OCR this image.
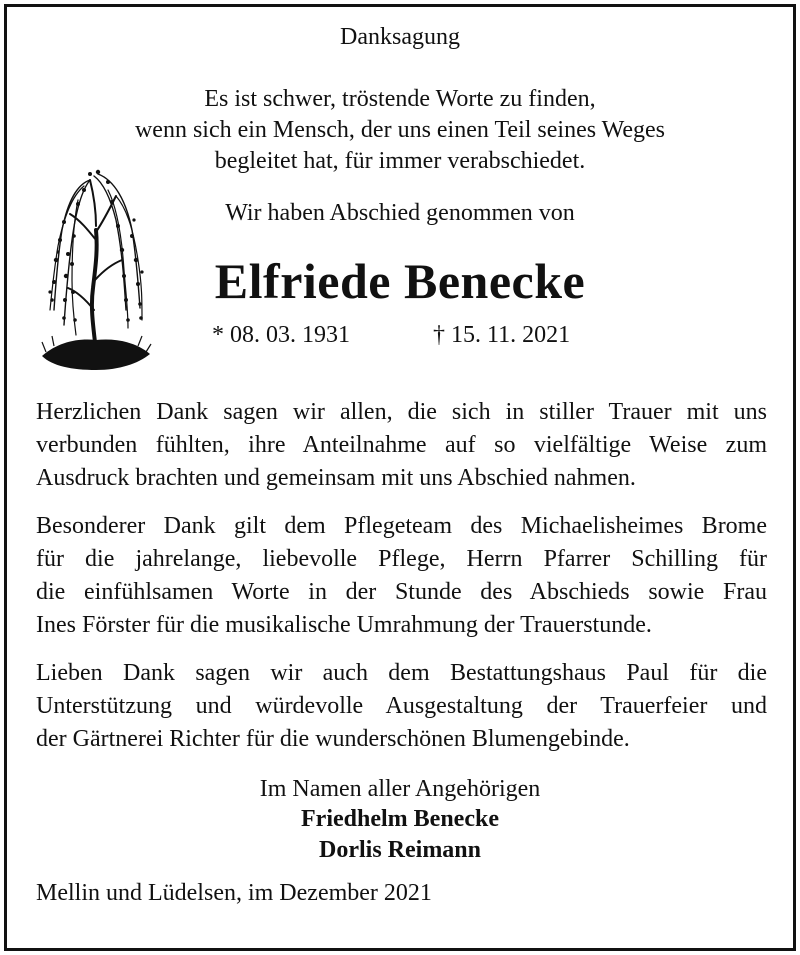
Danksagung
Es ist schwer, tröstende Worte zu finden,
wenn sich ein Mensch, der uns einen Teil seines Weges
begleitet hat, für immer verabschiedet.
Wir haben Abschied genommen von
Elfriede Benecke
* 08. 03. 1931	† 15. 11. 2021
Herzlichen Dank sagen wir allen, die sich in stiller Trauer mit uns
verbunden fühlten, ihre Anteilnahme auf so vielfältige Weise zum
Ausdruck brachten und gemeinsam mit uns Abschied nahmen.
Besonderer Dank gilt dem Pflegeteam des Michaelisheimes Brome
für die jahrelange, liebevolle Pflege, Herrn Pfarrer Schilling für
die einfühlsamen Worte in der Stunde des Abschieds sowie Frau
Ines Förster für die musikalische Umrahmung der Trauerstunde.
Lieben Dank sagen wir auch dem Bestattungshaus Paul für die
Unterstützung und würdevolle Ausgestaltung der Trauerfeier und
der Gärtnerei Richter für die wunderschönen Blumengebinde.
Im Namen aller Angehörigen
Friedhelm Benecke
Dorlis Reimann
Mellin und Lüdelsen, im Dezember 2021
